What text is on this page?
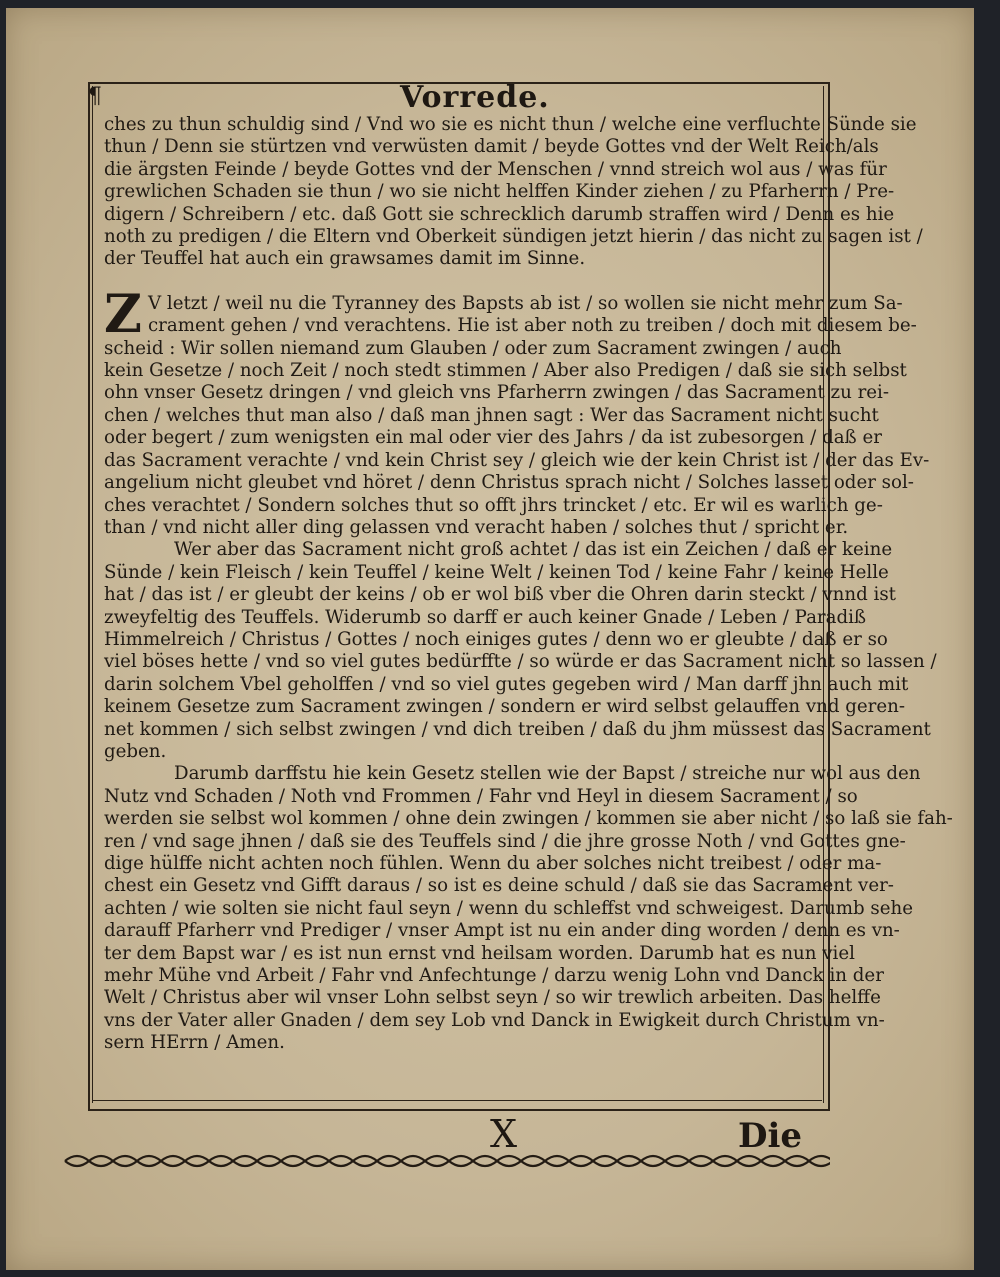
¶	Vorrede.
ches zu thun schuldig sind / Vnd wo sie es nicht thun / welche eine verfluchte Sünde sie
thun / Denn sie stürtzen vnd verwüsten damit / beyde Gottes vnd der Welt Reich/als
die ärgsten Feinde / beyde Gottes vnd der Menschen / vnnd streich wol aus / was für
grewlichen Schaden sie thun / wo sie nicht helffen Kinder ziehen / zu Pfarherrn / Pre-
digern / Schreibern / etc. daß Gott sie schrecklich darumb straffen wird / Denn es hie
noth zu predigen / die Eltern vnd Oberkeit sündigen jetzt hierin / das nicht zu sagen ist /
der Teuffel hat auch ein grawsames damit im Sinne.
Z V letzt / weil nu die Tyranney des Bapsts ab ist / so wollen sie nicht mehr zum Sa-
crament gehen / vnd verachtens. Hie ist aber noth zu treiben / doch mit diesem be-
scheid : Wir sollen niemand zum Glauben / oder zum Sacrament zwingen / auch
kein Gesetze / noch Zeit / noch stedt stimmen / Aber also Predigen / daß sie sich selbst
ohn vnser Gesetz dringen / vnd gleich vns Pfarherrn zwingen / das Sacrament zu rei-
chen / welches thut man also / daß man jhnen sagt : Wer das Sacrament nicht sucht
oder begert / zum wenigsten ein mal oder vier des Jahrs / da ist zubesorgen / daß er
das Sacrament verachte / vnd kein Christ sey / gleich wie der kein Christ ist / der das Ev-
angelium nicht gleubet vnd höret / denn Christus sprach nicht / Solches lasset oder sol-
ches verachtet / Sondern solches thut so offt jhrs trincket / etc. Er wil es warlich ge-
than / vnd nicht aller ding gelassen vnd veracht haben / solches thut / spricht er.
Wer aber das Sacrament nicht groß achtet / das ist ein Zeichen / daß er keine
Sünde / kein Fleisch / kein Teuffel / keine Welt / keinen Tod / keine Fahr / keine Helle
hat / das ist / er gleubt der keins / ob er wol biß vber die Ohren darin steckt / vnnd ist
zweyfeltig des Teuffels. Widerumb so darff er auch keiner Gnade / Leben / Paradiß
Himmelreich / Christus / Gottes / noch einiges gutes / denn wo er gleubte / daß er so
viel böses hette / vnd so viel gutes bedürffte / so würde er das Sacrament nicht so lassen /
darin solchem Vbel geholffen / vnd so viel gutes gegeben wird / Man darff jhn auch mit
keinem Gesetze zum Sacrament zwingen / sondern er wird selbst gelauffen vnd geren-
net kommen / sich selbst zwingen / vnd dich treiben / daß du jhm müssest das Sacrament
geben.
Darumb darffstu hie kein Gesetz stellen wie der Bapst / streiche nur wol aus den
Nutz vnd Schaden / Noth vnd Frommen / Fahr vnd Heyl in diesem Sacrament / so
werden sie selbst wol kommen / ohne dein zwingen / kommen sie aber nicht / so laß sie fah-
ren / vnd sage jhnen / daß sie des Teuffels sind / die jhre grosse Noth / vnd Gottes gne-
dige hülffe nicht achten noch fühlen. Wenn du aber solches nicht treibest / oder ma-
chest ein Gesetz vnd Gifft daraus / so ist es deine schuld / daß sie das Sacrament ver-
achten / wie solten sie nicht faul seyn / wenn du schleffst vnd schweigest. Darumb sehe
darauff Pfarherr vnd Prediger / vnser Ampt ist nu ein ander ding worden / denn es vn-
ter dem Bapst war / es ist nun ernst vnd heilsam worden. Darumb hat es nun viel
mehr Mühe vnd Arbeit / Fahr vnd Anfechtunge / darzu wenig Lohn vnd Danck in der
Welt / Christus aber wil vnser Lohn selbst seyn / so wir trewlich arbeiten. Das helffe
vns der Vater aller Gnaden / dem sey Lob vnd Danck in Ewigkeit durch Christum vn-
sern HErrn / Amen.
X	Die
